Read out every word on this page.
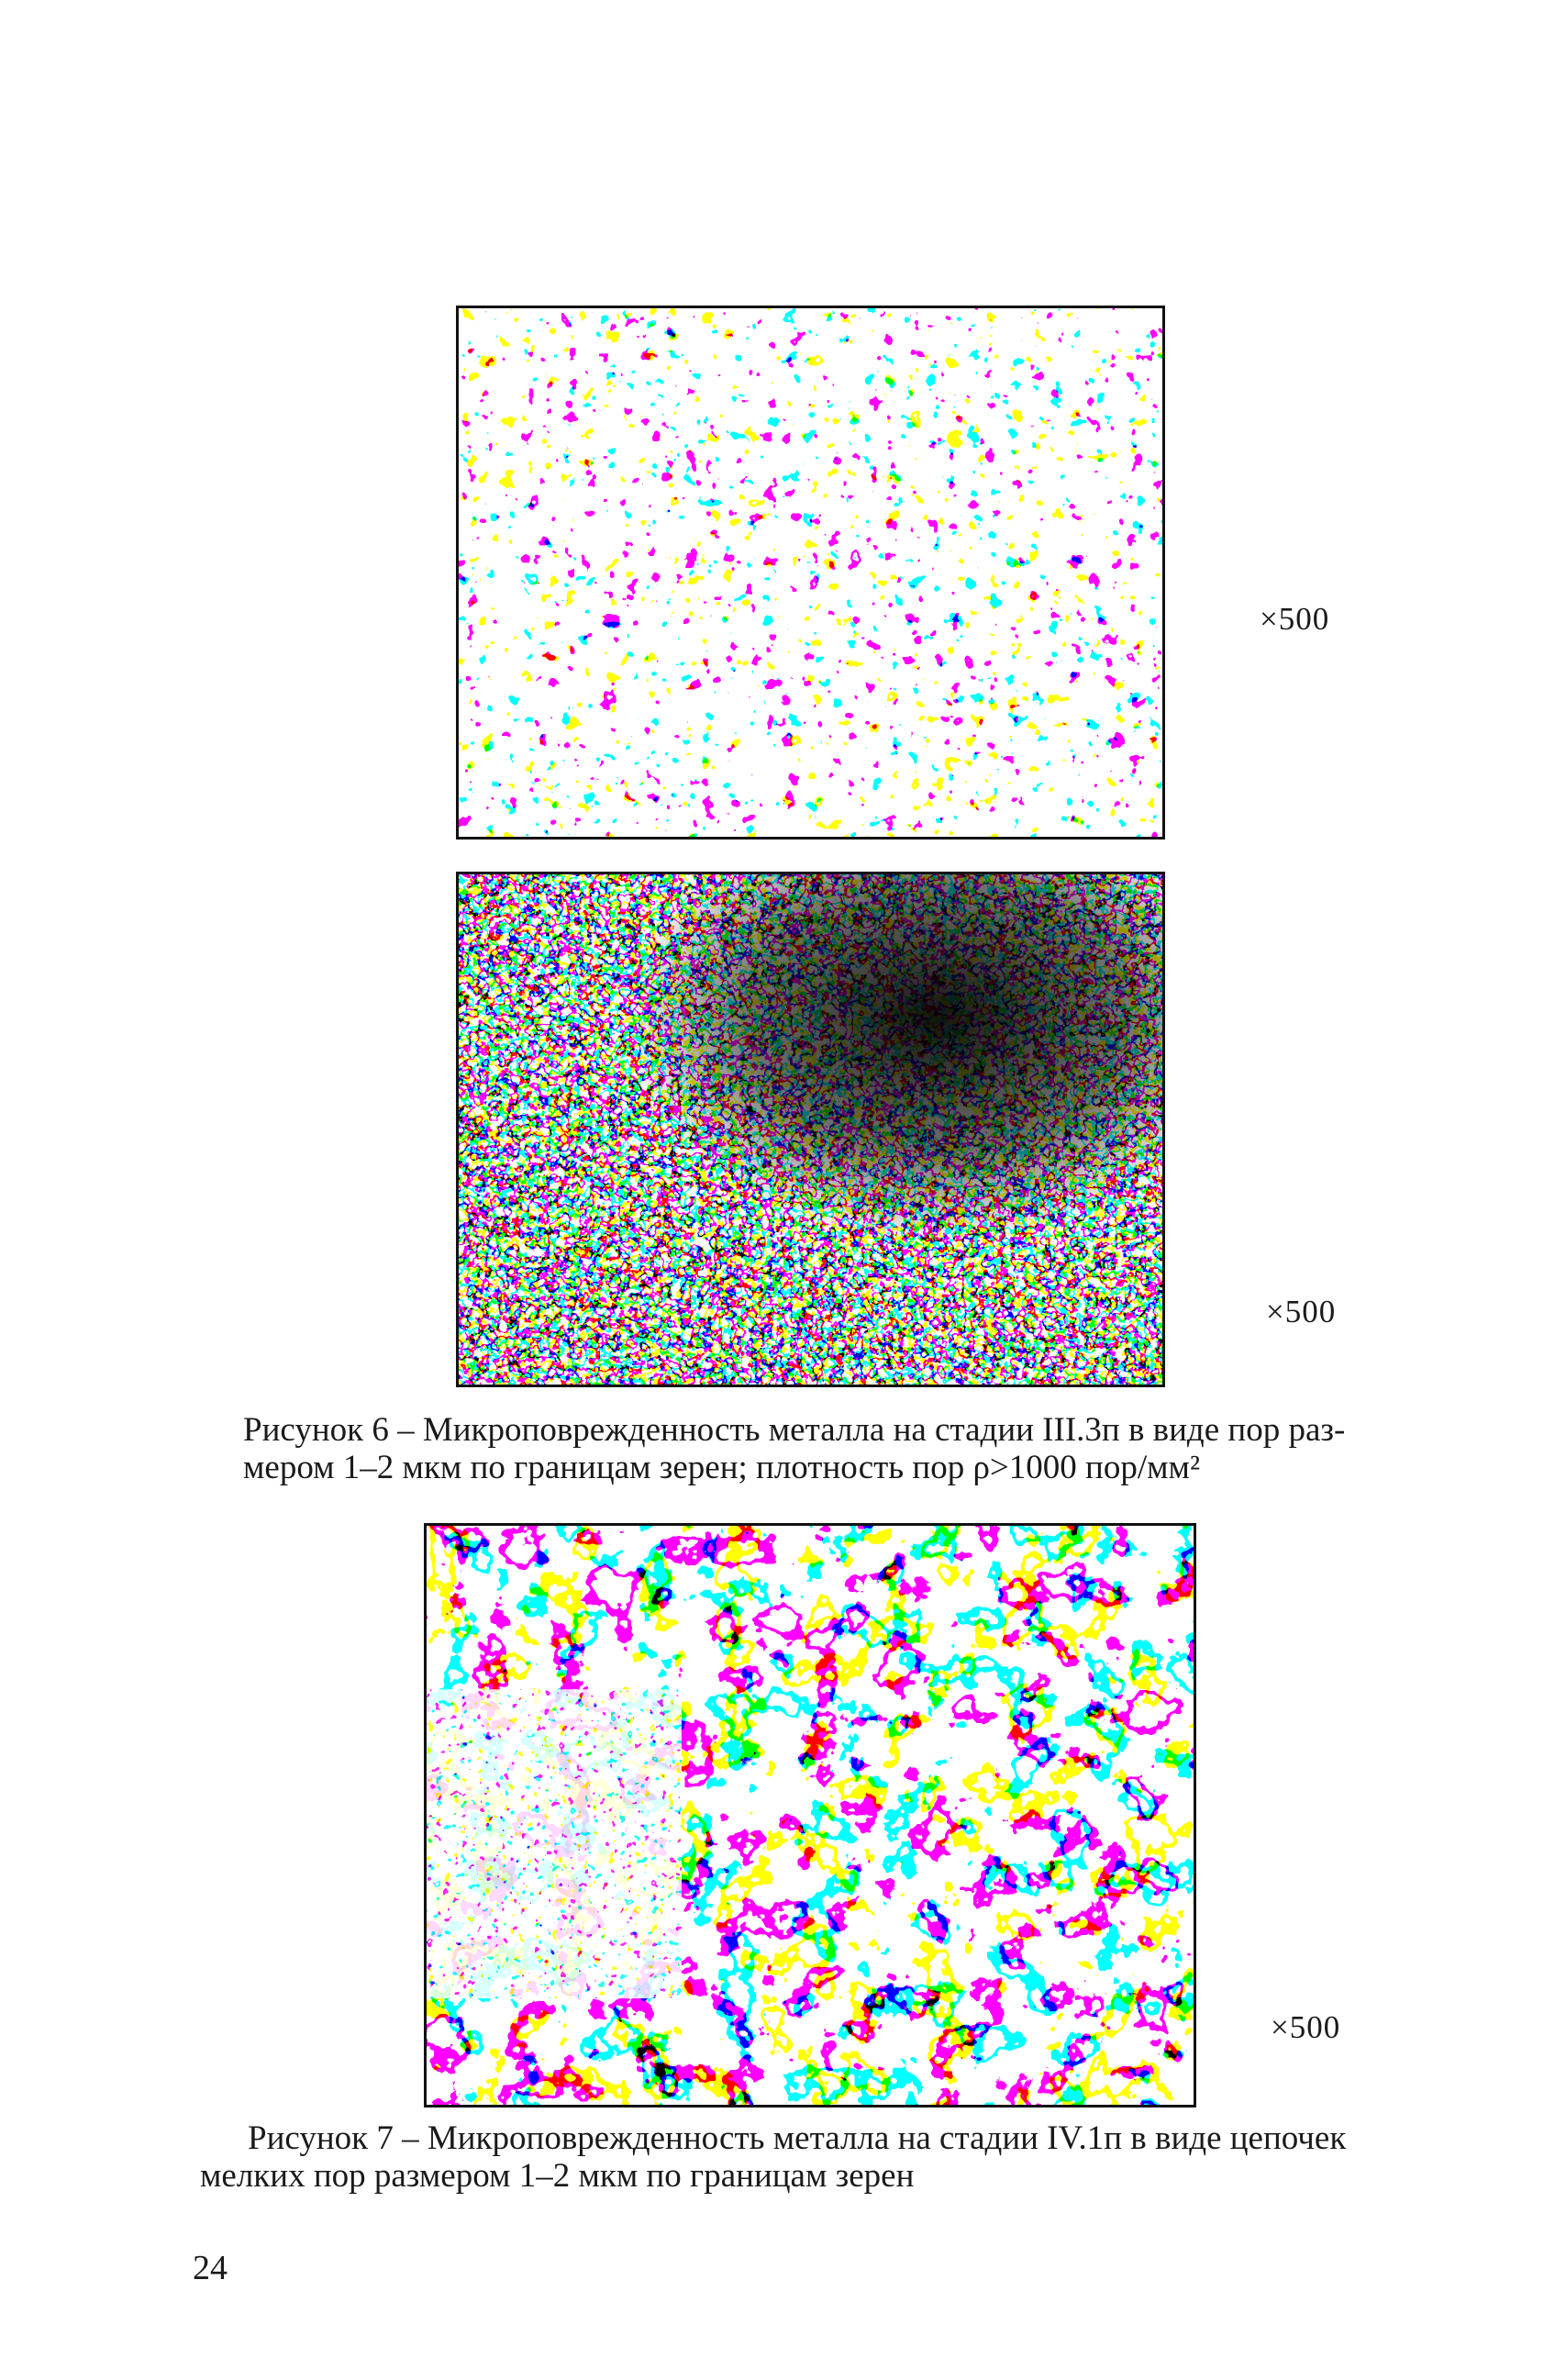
×500
×500
Рисунок 6 – Микроповрежденность металла на стадии III.3п в виде пор раз-
мером 1–2 мкм по границам зерен; плотность пор ρ>1000 пор/мм²
×500
Рисунок 7 – Микроповрежденность металла на стадии IV.1п в виде цепочек
мелких пор размером 1–2 мкм по границам зерен
24
